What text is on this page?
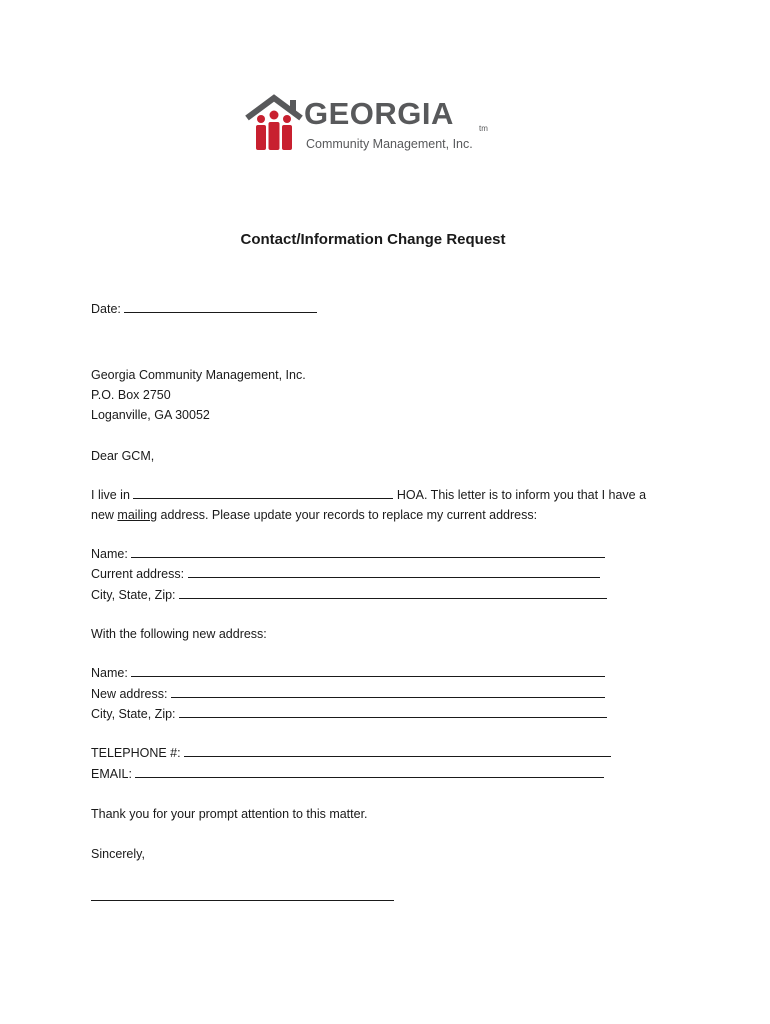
GEORGIA	tm
Community Management, Inc.
Contact/Information Change Request
Date:
Georgia Community Management, Inc.
P.O. Box 2750
Loganville, GA 30052
Dear GCM,
I live in	HOA. This letter is to inform you that I have a
new mailing address. Please update your records to replace my current address:
Name:
Current address:
City, State, Zip:
With the following new address:
Name:
New address:
City, State, Zip:
TELEPHONE #:
EMAIL:
Thank you for your prompt attention to this matter.
Sincerely,
